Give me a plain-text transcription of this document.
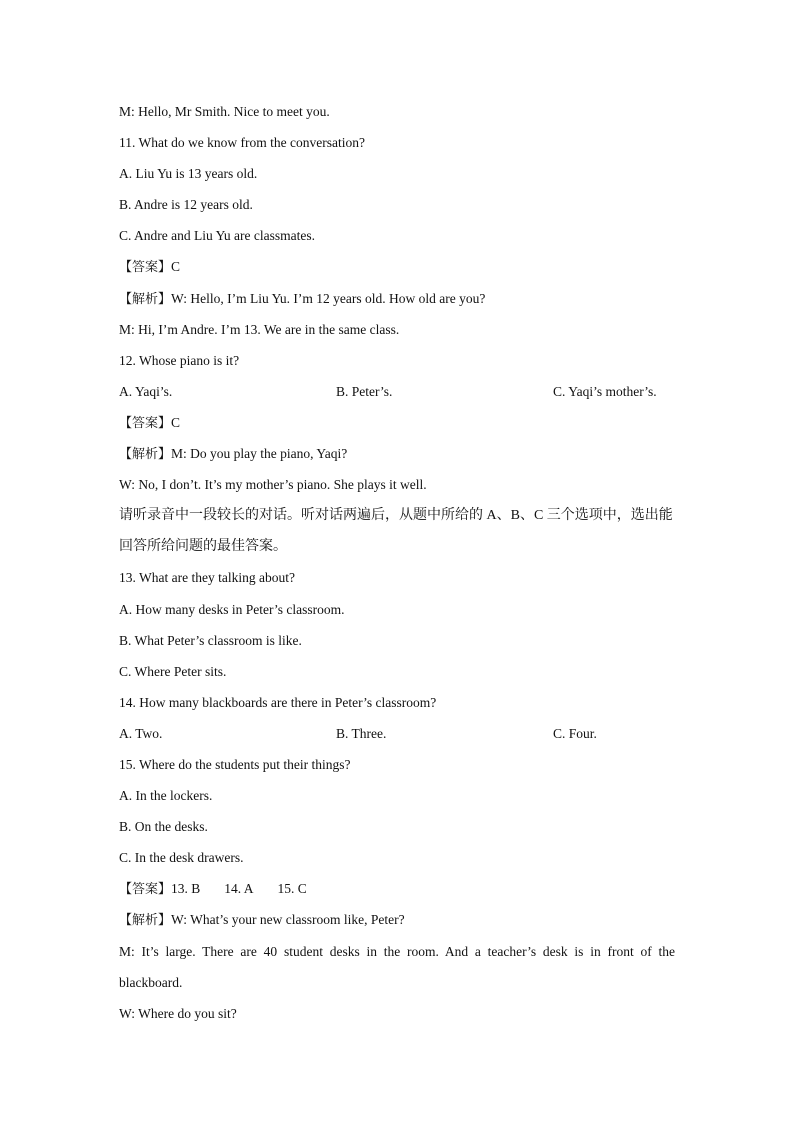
M: Hello, Mr Smith. Nice to meet you.
11. What do we know from the conversation?
A. Liu Yu is 13 years old.
B. Andre is 12 years old.
C. Andre and Liu Yu are classmates.
【答案】C
【解析】W: Hello, I’m Liu Yu. I’m 12 years old. How old are you?
M: Hi, I’m Andre. I’m 13. We are in the same class.
12. Whose piano is it?
A. Yaqi’s.	B. Peter’s.	C. Yaqi’s mother’s.
【答案】C
【解析】M: Do you play the piano, Yaqi?
W: No, I don’t. It’s my mother’s piano. She plays it well.
请听录音中一段较长的对话。听对话两遍后，从题中所给的 A、B、C 三个选项中，选出能
回答所给问题的最佳答案。
13. What are they talking about?
A. How many desks in Peter’s classroom.
B. What Peter’s classroom is like.
C. Where Peter sits.
14. How many blackboards are there in Peter’s classroom?
A. Two.	B. Three.	C. Four.
15. Where do the students put their things?
A. In the lockers.
B. On the desks.
C. In the desk drawers.
【答案】13. B 14. A 15. C
【解析】W: What’s your new classroom like, Peter?
M: It’s large. There are 40 student desks in the room. And a teacher’s desk is in front of the
blackboard.
W: Where do you sit?
